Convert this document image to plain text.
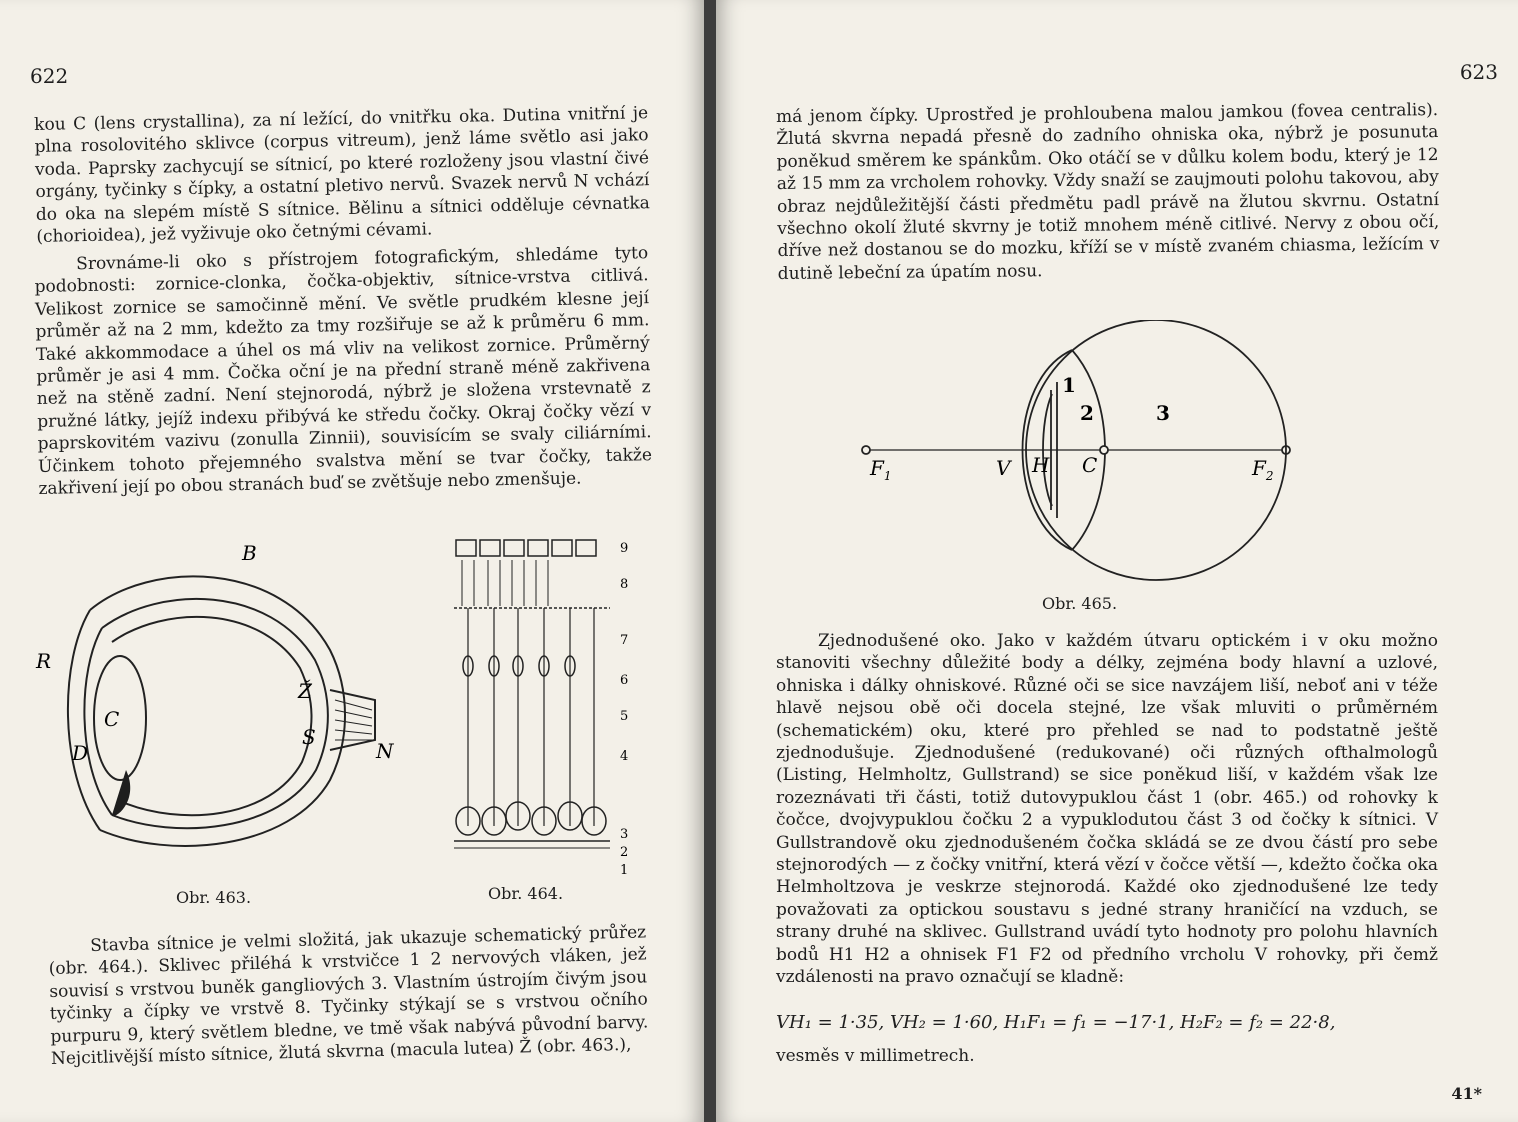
622

kou C (lens crystallina), za ní ležící, do vnitřku oka. Dutina vnitřní je plna rosolovitého sklivce (corpus vitreum), jenž láme světlo asi jako voda. Paprsky zachycují se sítnicí, po které rozloženy jsou vlastní čivé orgány, tyčinky s čípky, a ostatní pletivo nervů. Svazek nervů N vchází do oka na slepém místě S sítnice. Bělinu a sítnici odděluje cévnatka (chorioidea), jež vyživuje oko četnými cévami.

Srovnáme-li oko s přístrojem fotografickým, shledáme tyto podobnosti: zornice-clonka, čočka-objektiv, sítnice-vrstva citlivá. Velikost zornice se samočinně mění. Ve světle prudkém klesne její průměr až na 2 mm, kdežto za tmy rozšiřuje se až k průměru 6 mm. Také akkommodace a úhel os má vliv na velikost zornice. Průměrný průměr je asi 4 mm. Čočka oční je na přední straně méně zakřivena než na stěně zadní. Není stejnorodá, nýbrž je složena vrstevnatě z pružné látky, jejíž indexu přibývá ke středu čočky. Okraj čočky vězí v paprskovitém vazivu (zonulla Zinnii), souvisícím se svaly ciliárními. Účinkem tohoto přejemného svalstva mění se tvar čočky, takže zakřivení její po obou stranách buď se zvětšuje nebo zmenšuje.

B
R
C
D
Ž
S
N
Obr. 463.
9
8
7
6
5
4
3
2
1
Obr. 464.

Stavba sítnice je velmi složitá, jak ukazuje schematický průřez (obr. 464.). Sklivec přiléhá k vrstvičce 1 2 nervových vláken, jež souvisí s vrstvou buněk gangliových 3. Vlastním ústrojím čivým jsou tyčinky a čípky ve vrstvě 8. Tyčinky stýkají se s vrstvou očního purpuru 9, který světlem bledne, ve tmě však nabývá původní barvy. Nejcitlivější místo sítnice, žlutá skvrna (macula lutea) Ž (obr. 463.),

623

má jenom čípky. Uprostřed je prohloubena malou jamkou (fovea centralis). Žlutá skvrna nepadá přesně do zadního ohniska oka, nýbrž je posunuta poněkud směrem ke spánkům. Oko otáčí se v důlku kolem bodu, který je 12 až 15 mm za vrcholem rohovky. Vždy snaží se zaujmouti polohu takovou, aby obraz nejdůležitější části předmětu padl právě na žlutou skvrnu. Ostatní všechno okolí žluté skvrny je totiž mnohem méně citlivé. Nervy z obou očí, dříve než dostanou se do mozku, kříží se v místě zvaném chiasma, ležícím v dutině lebeční za úpatím nosu.

1
2	3
$F_1$	V H C	$F_2$
Obr. 465.

Zjednodušené oko. Jako v každém útvaru optickém i v oku možno stanoviti všechny důležité body a délky, zejména body hlavní a uzlové, ohniska i dálky ohniskové. Různé oči se sice navzájem liší, neboť ani v téže hlavě nejsou obě oči docela stejné, lze však mluviti o průměrném (schematickém) oku, které pro přehled se nad to podstatně ještě zjednodušuje. Zjednodušené (redukované) oči různých ofthalmologů (Listing, Helmholtz, Gullstrand) se sice poněkud liší, v každém však lze rozeznávati tři části, totiž dutovypuklou část 1 (obr. 465.) od rohovky k čočce, dvojvypuklou čočku 2 a vypuklodutou část 3 od čočky k sítnici. V Gullstrandově oku zjednodušeném čočka skládá se ze dvou částí pro sebe stejnorodých — z čočky vnitřní, která vězí v čočce větší —, kdežto čočka oka Helmholtzova je veskrze stejnorodá. Každé oko zjednodušené lze tedy považovati za optickou soustavu s jedné strany hraničící na vzduch, se strany druhé na sklivec. Gullstrand uvádí tyto hodnoty pro polohu hlavních bodů H1 H2 a ohnisek F1 F2 od předního vrcholu V rohovky, při čemž vzdálenosti na pravo označují se kladně:

VH₁ = 1·35, VH₂ = 1·60, H₁F₁ = f₁ = −17·1, H₂F₂ = f₂ = 22·8,
vesměs v millimetrech.
41*
